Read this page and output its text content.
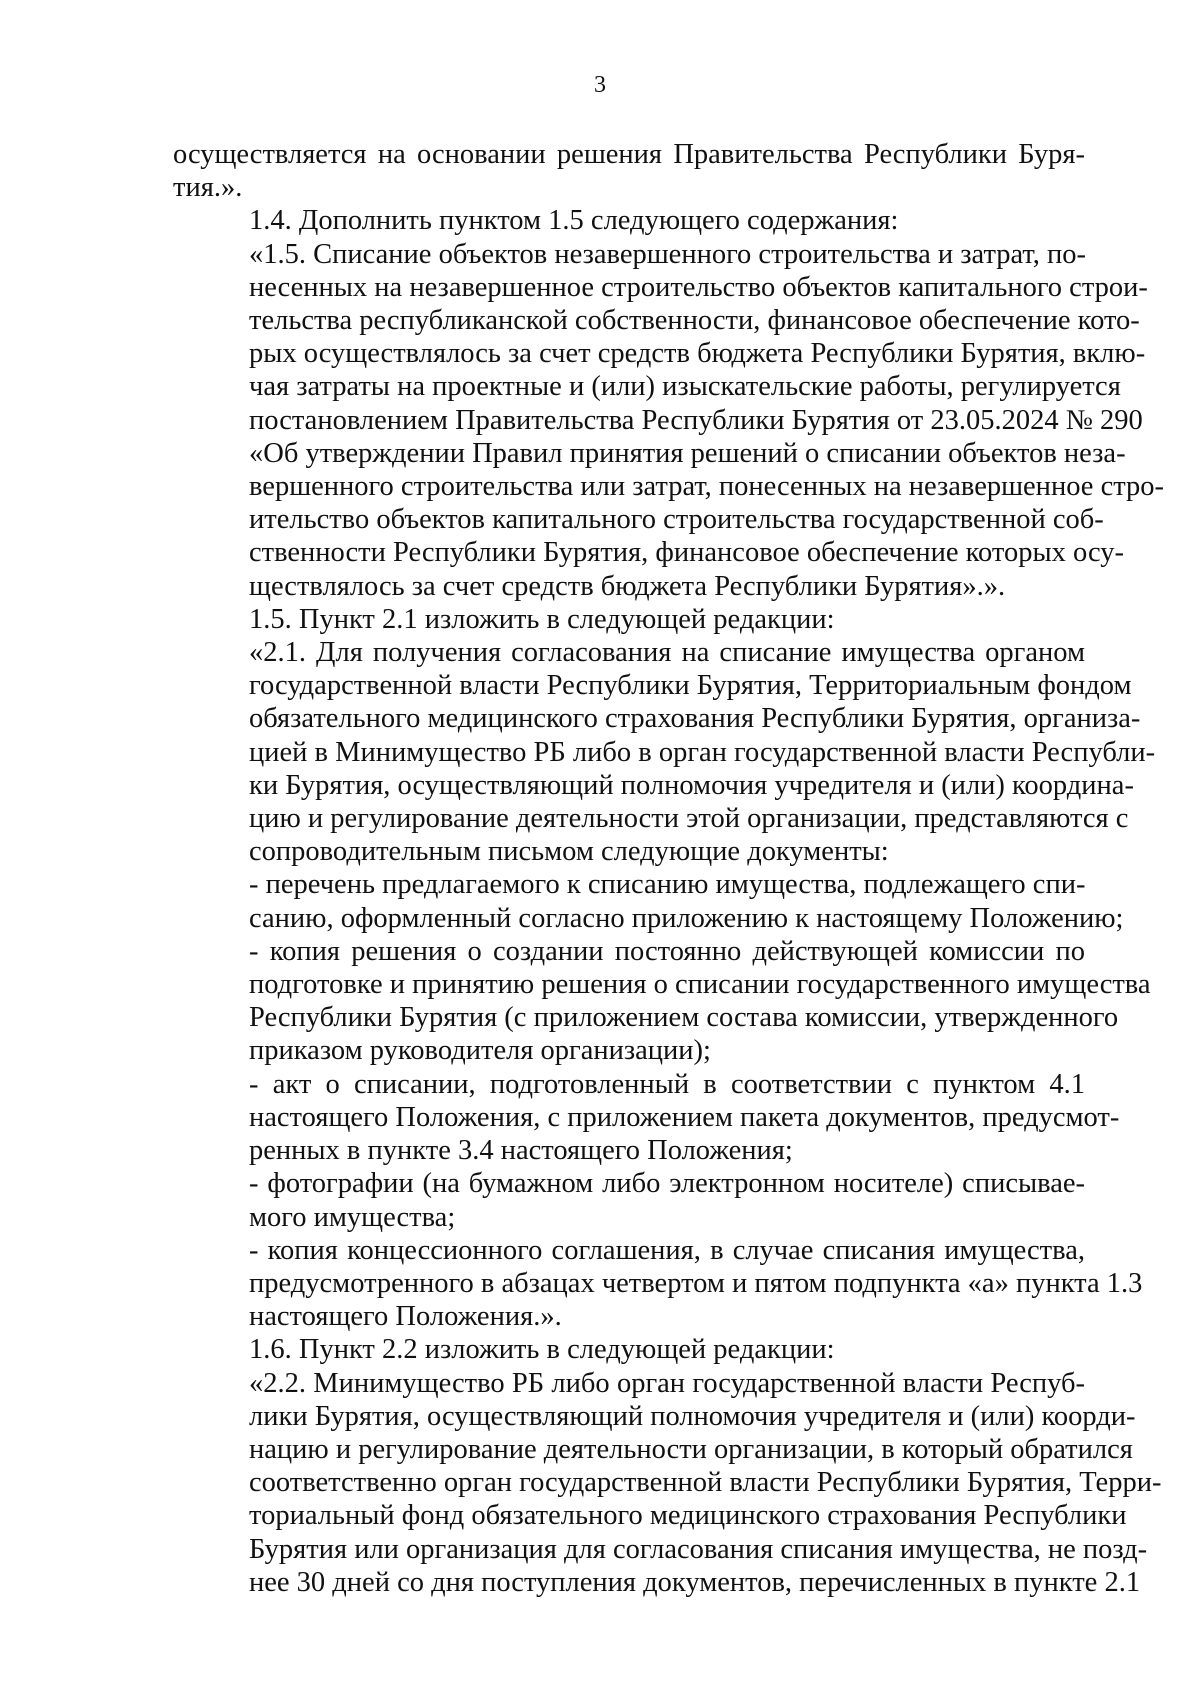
3

осуществляется на основании решения Правительства Республики Буря-
тия.».

1.4. Дополнить пунктом 1.5 следующего содержания:

«1.5. Списание объектов незавершенного строительства и затрат, по-
несенных на незавершенное строительство объектов капитального строи-
тельства республиканской собственности, финансовое обеспечение кото-
рых осуществлялось за счет средств бюджета Республики Бурятия, вклю-
чая затраты на проектные и (или) изыскательские работы, регулируется
постановлением Правительства Республики Бурятия от 23.05.2024 № 290
«Об утверждении Правил принятия решений о списании объектов неза-
вершенного строительства или затрат, понесенных на незавершенное стро-
ительство объектов капитального строительства государственной соб-
ственности Республики Бурятия, финансовое обеспечение которых осу-
ществлялось за счет средств бюджета Республики Бурятия».».

1.5. Пункт 2.1 изложить в следующей редакции:

«2.1. Для получения согласования на списание имущества органом
государственной власти Республики Бурятия, Территориальным фондом
обязательного медицинского страхования Республики Бурятия, организа-
цией в Минимущество РБ либо в орган государственной власти Республи-
ки Бурятия, осуществляющий полномочия учредителя и (или) координа-
цию и регулирование деятельности этой организации, представляются с
сопроводительным письмом следующие документы:

- перечень предлагаемого к списанию имущества, подлежащего спи-
санию, оформленный согласно приложению к настоящему Положению;

- копия решения о создании постоянно действующей комиссии по
подготовке и принятию решения о списании государственного имущества
Республики Бурятия (с приложением состава комиссии, утвержденного
приказом руководителя организации);

- акт о списании, подготовленный в соответствии с пунктом 4.1
настоящего Положения, с приложением пакета документов, предусмот-
ренных в пункте 3.4 настоящего Положения;

- фотографии (на бумажном либо электронном носителе) списывае-
мого имущества;

- копия концессионного соглашения, в случае списания имущества,
предусмотренного в абзацах четвертом и пятом подпункта «а» пункта 1.3
настоящего Положения.».

1.6. Пункт 2.2 изложить в следующей редакции:

«2.2. Минимущество РБ либо орган государственной власти Респуб-
лики Бурятия, осуществляющий полномочия учредителя и (или) коорди-
нацию и регулирование деятельности организации, в который обратился
соответственно орган государственной власти Республики Бурятия, Терри-
ториальный фонд обязательного медицинского страхования Республики
Бурятия или организация для согласования списания имущества, не позд-
нее 30 дней со дня поступления документов, перечисленных в пункте 2.1
